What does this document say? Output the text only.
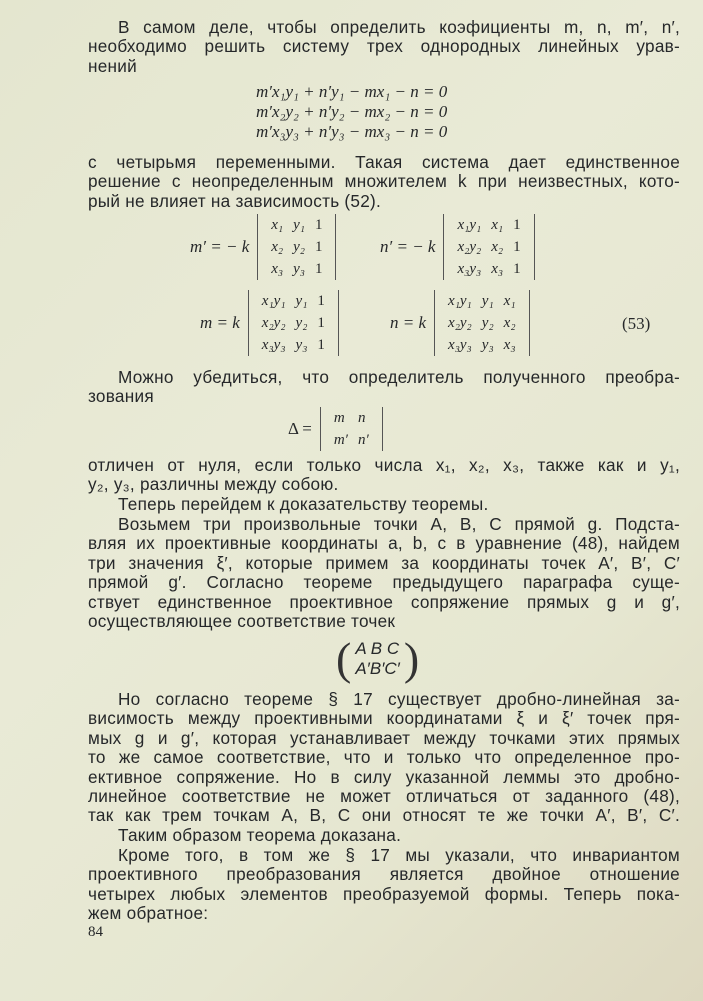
В самом деле, чтобы определить коэфициенты m, n, m′, n′,
необходимо решить систему трех однородных линейных урав-
нений
m′x₁y₁ + n′y₁ − mx₁ − n = 0
m′x₂y₂ + n′y₂ − mx₂ − n = 0
m′x₃y₃ + n′y₃ − mx₃ − n = 0
с четырьмя переменными. Такая система дает единственное
решение с неопределенным множителем k при неизвестных, кото-
рый не влияет на зависимость (52).
m′ = − k
x₁	y₁	1
x₂	y₂	1
x₃	y₃	1
n′ = − k
x₁y₁	x₁	1
x₂y₂	x₂	1
x₃y₃	x₃	1
m = k
x₁y₁	y₁	1
x₂y₂	y₂	1
x₃y₃	y₃	1
n = k
x₁y₁	y₁	x₁
x₂y₂	y₂	x₂
x₃y₃	y₃	x₃
(53)
Можно убедиться, что определитель полученного преобра-
зования
Δ =
m	n
m′	n′
отличен от нуля, если только числа x₁, x₂, x₃, также как и y₁,
y₂, y₃, различны между собою.
Теперь перейдем к доказательству теоремы.
Возьмем три произвольные точки A, B, C прямой g. Подста-
вляя их проективные координаты a, b, c в уравнение (48), найдем
три значения ξ′, которые примем за координаты точек A′, B′, C′
прямой g′. Согласно теореме предыдущего параграфа суще-
ствует единственное проективное сопряжение прямых g и g′,
осуществляющее соответствие точек
( A B C
A′B′C′ )
Но согласно теореме § 17 существует дробно-линейная за-
висимость между проективными координатами ξ и ξ′ точек пря-
мых g и g′, которая устанавливает между точками этих прямых
то же самое соответствие, что и только что определенное про-
ективное сопряжение. Но в силу указанной леммы это дробно-
линейное соответствие не может отличаться от заданного (48),
так как трем точкам A, B, C они относят те же точки A′, B′, C′.
Таким образом теорема доказана.
Кроме того, в том же § 17 мы указали, что инвариантом
проективного преобразования является двойное отношение
четырех любых элементов преобразуемой формы. Теперь пока-
жем обратное:
84
